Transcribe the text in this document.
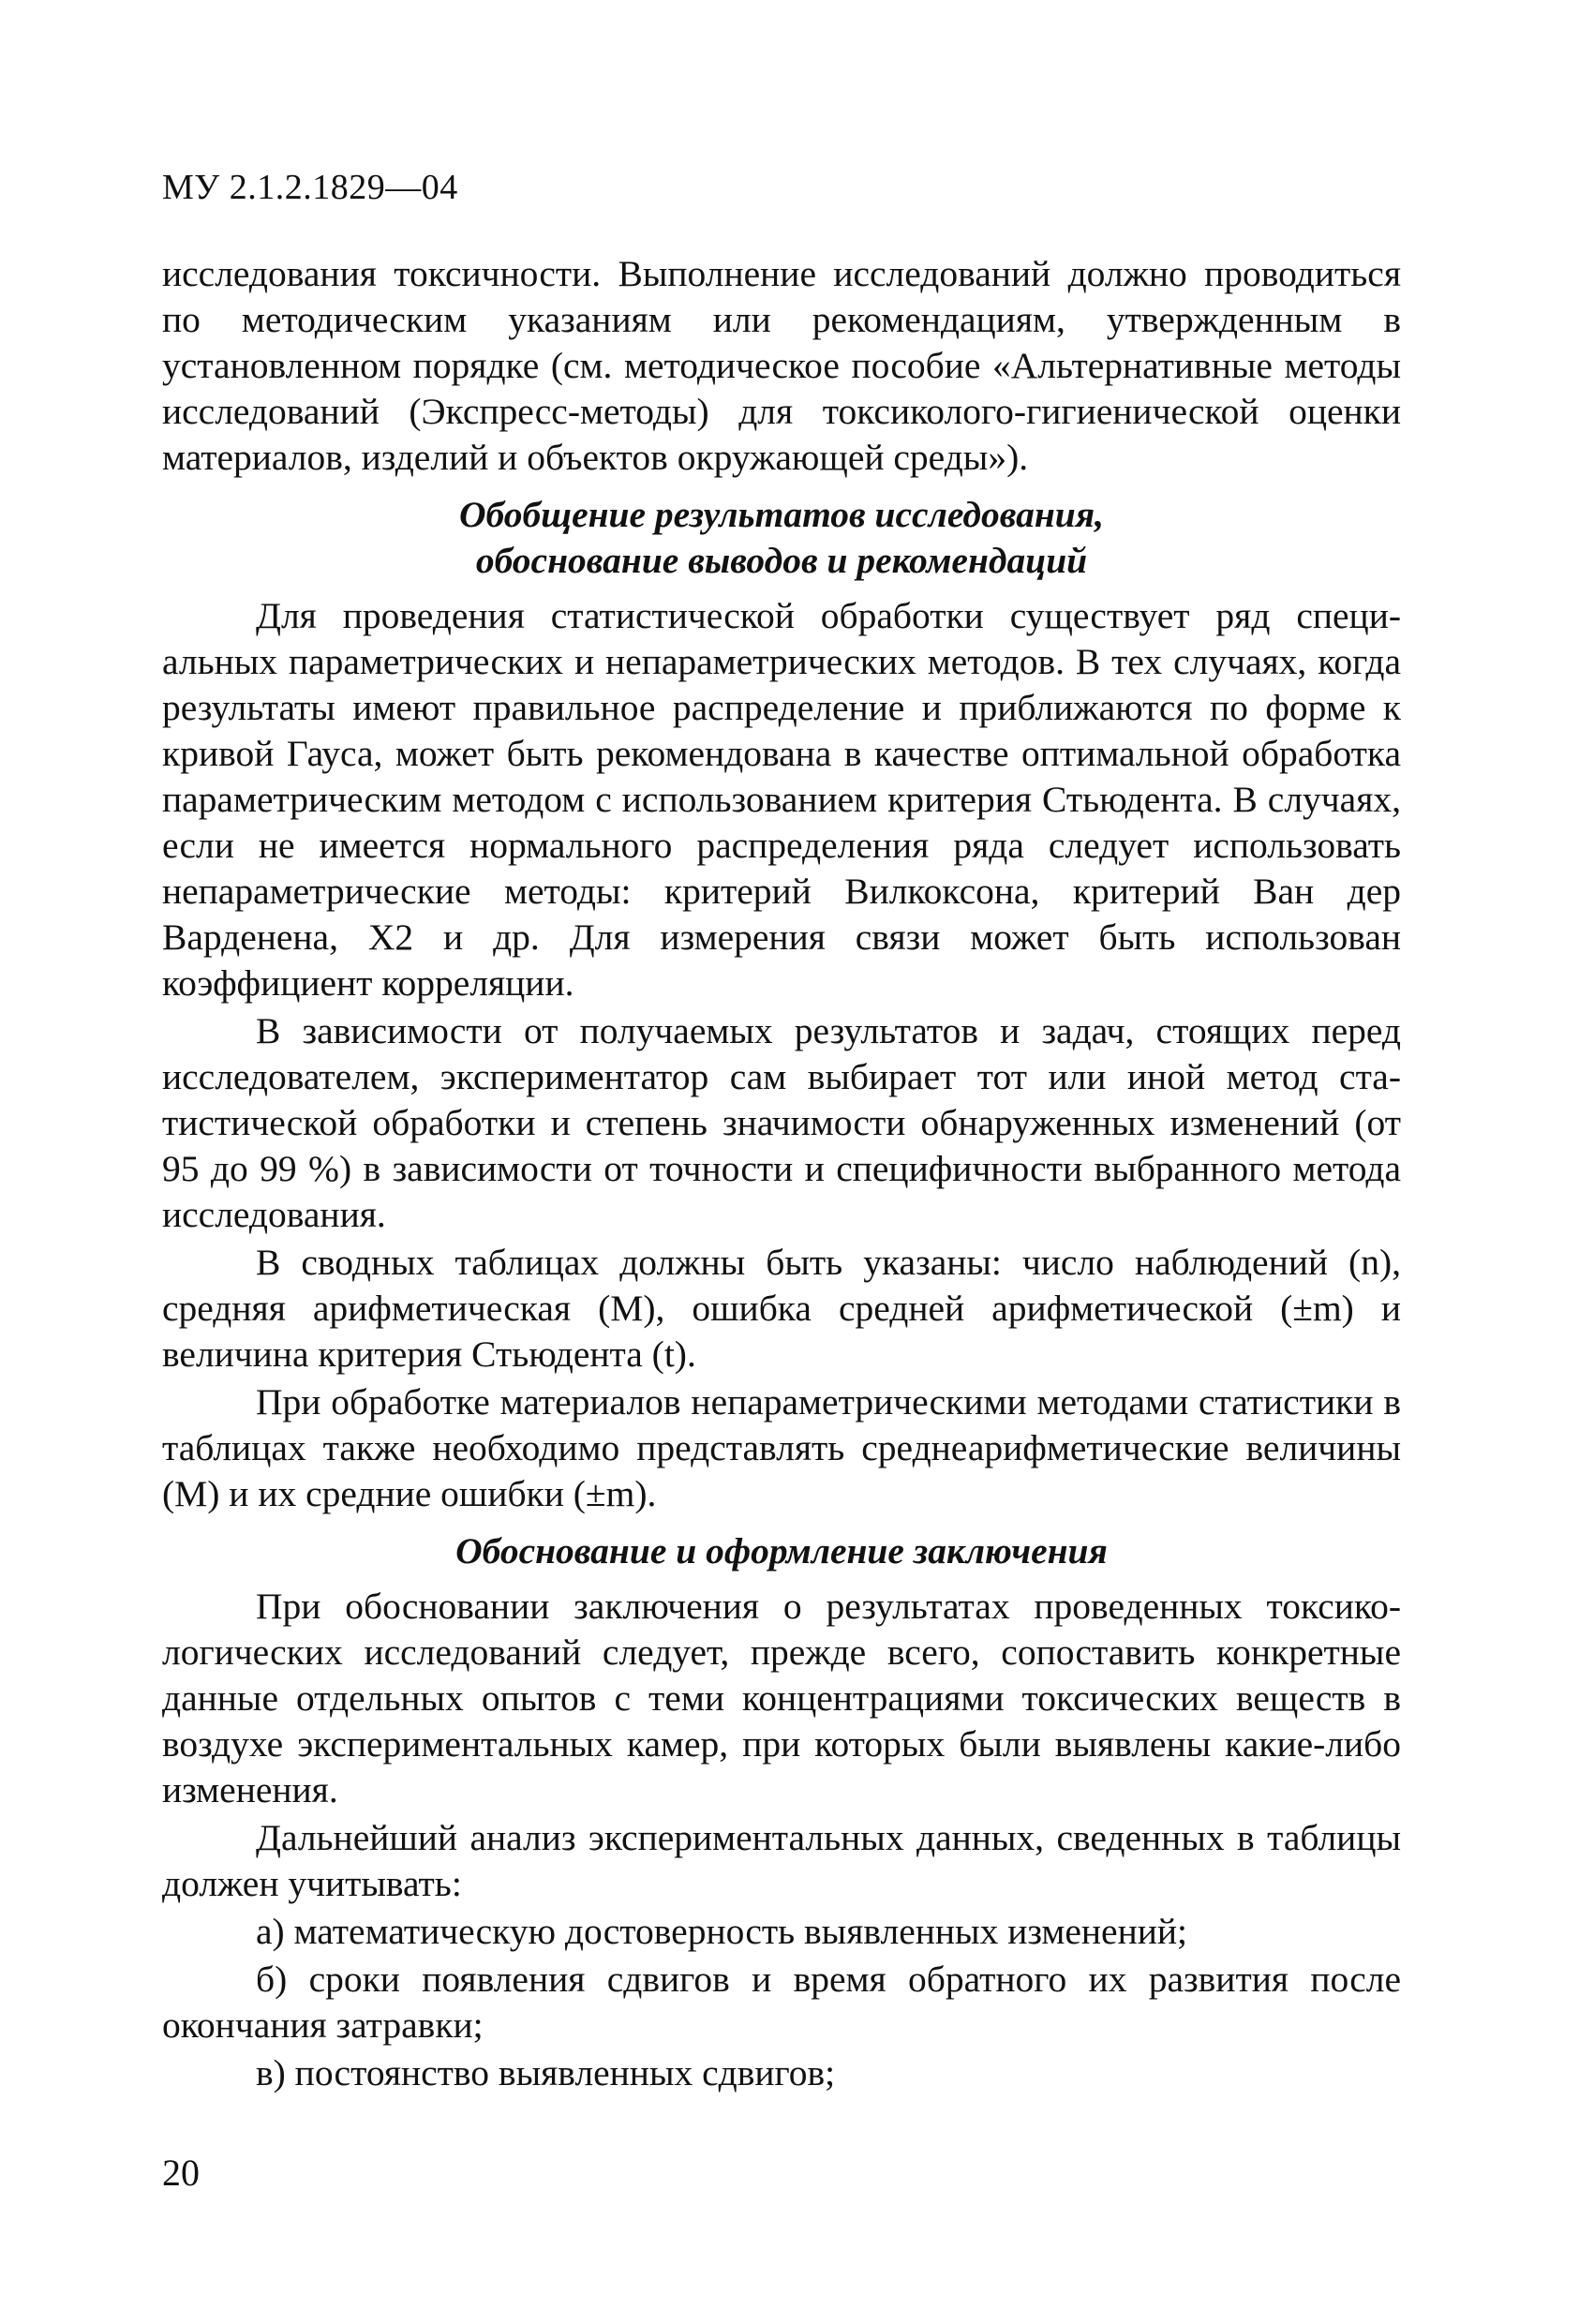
МУ 2.1.2.1829—04

исследования токсичности. Выполнение исследований должно проводиться по методическим указаниям или рекомендациям, утвержденным в установленном порядке (см. методическое пособие «Альтернативные методы исследований (Экспресс-методы) для токсиколого-гигиенической оценки материалов, изделий и объектов окружающей среды»).

Обобщение результатов исследования,
обоснование выводов и рекомендаций

Для проведения статистической обработки существует ряд специальных параметрических и непараметрических методов. В тех случаях, когда результаты имеют правильное распределение и приближаются по форме к кривой Гауса, может быть рекомендована в качестве оптимальной обработка параметрическим методом с использованием критерия Стьюдента. В случаях, если не имеется нормального распределения ряда следует использовать непараметрические методы: критерий Вилкоксона, критерий Ван дер Варденена, Х2 и др. Для измерения связи может быть использован коэффициент корреляции.

В зависимости от получаемых результатов и задач, стоящих перед исследователем, экспериментатор сам выбирает тот или иной метод статистической обработки и степень значимости обнаруженных изменений (от 95 до 99 %) в зависимости от точности и специфичности выбранного метода исследования.

В сводных таблицах должны быть указаны: число наблюдений (n), средняя арифметическая (М), ошибка средней арифметической (±m) и величина критерия Стьюдента (t).

При обработке материалов непараметрическими методами статистики в таблицах также необходимо представлять среднеарифметические величины (М) и их средние ошибки (±m).

Обоснование и оформление заключения

При обосновании заключения о результатах проведенных токсикологических исследований следует, прежде всего, сопоставить конкретные данные отдельных опытов с теми концентрациями токсических веществ в воздухе экспериментальных камер, при которых были выявлены какие-либо изменения.

Дальнейший анализ экспериментальных данных, сведенных в таблицы должен учитывать:

а) математическую достоверность выявленных изменений;

б) сроки появления сдвигов и время обратного их развития после окончания затравки;

в) постоянство выявленных сдвигов;

20
